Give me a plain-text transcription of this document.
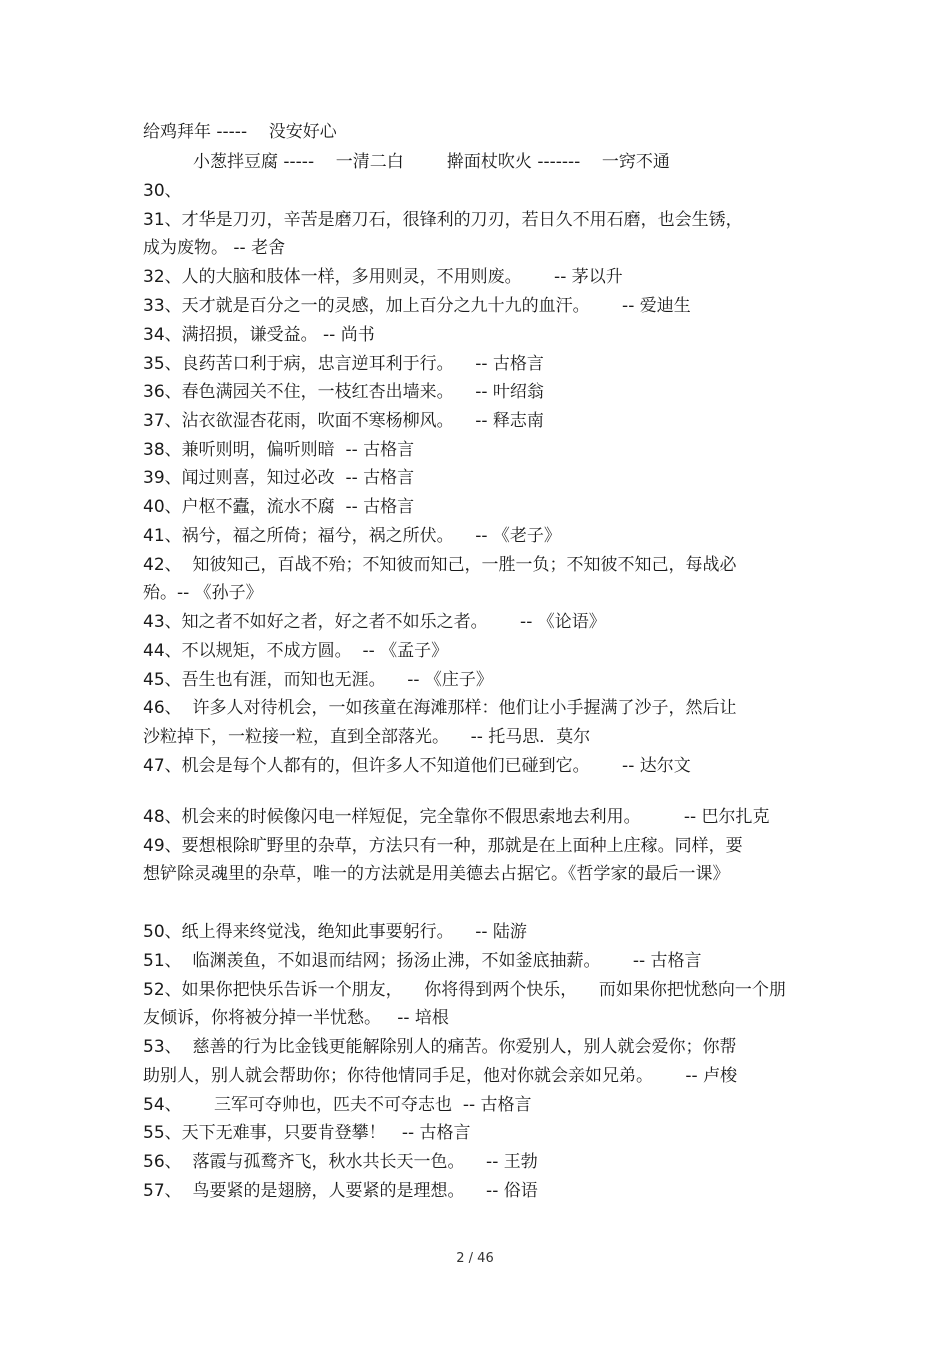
给鸡拜年 -----    没安好心
小葱拌豆腐 -----    一清二白        擀面杖吹火 -------    一窍不通
30、
31、才华是刀刃，辛苦是磨刀石，很锋利的刀刃，若日久不用石磨，也会生锈，
成为废物。 -- 老舍
32、人的大脑和肢体一样，多用则灵，不用则废。      -- 茅以升
33、天才就是百分之一的灵感，加上百分之九十九的血汗。      -- 爱迪生
34、满招损，谦受益。 -- 尚书
35、良药苦口利于病，忠言逆耳利于行。    -- 古格言
36、春色满园关不住，一枝红杏出墙来。    -- 叶绍翁
37、沾衣欲湿杏花雨，吹面不寒杨柳风。    -- 释志南
38、兼听则明，偏听则暗  -- 古格言
39、闻过则喜，知过必改  -- 古格言
40、户枢不蠹，流水不腐  -- 古格言
41、祸兮，福之所倚；福兮，祸之所伏。    -- 《老子》
42、  知彼知己，百战不殆；不知彼而知己，一胜一负；不知彼不知己，每战必
殆。-- 《孙子》
43、知之者不如好之者，好之者不如乐之者。      -- 《论语》
44、不以规矩，不成方圆。  -- 《孟子》
45、吾生也有涯，而知也无涯。    -- 《庄子》
46、  许多人对待机会，一如孩童在海滩那样：他们让小手握满了沙子，然后让
沙粒掉下，一粒接一粒，直到全部落光。    -- 托马思．莫尔
47、机会是每个人都有的，但许多人不知道他们已碰到它。      -- 达尔文
48、机会来的时候像闪电一样短促，完全靠你不假思索地去利用。        -- 巴尔扎克
49、要想根除旷野里的杂草，方法只有一种，那就是在上面种上庄稼。同样，要
想铲除灵魂里的杂草，唯一的方法就是用美德去占据它。《哲学家的最后一课》
50、纸上得来终觉浅，绝知此事要躬行。    -- 陆游
51、  临渊羡鱼，不如退而结网；扬汤止沸，不如釜底抽薪。      -- 古格言
52、如果你把快乐告诉一个朋友，    你将得到两个快乐，    而如果你把忧愁向一个朋
友倾诉，你将被分掉一半忧愁。   -- 培根
53、  慈善的行为比金钱更能解除别人的痛苦。你爱别人，别人就会爱你；你帮
助别人，别人就会帮助你；你待他情同手足，他对你就会亲如兄弟。      -- 卢梭
54、      三军可夺帅也，匹夫不可夺志也  -- 古格言
55、天下无难事，只要肯登攀！   -- 古格言
56、  落霞与孤鹜齐飞，秋水共长天一色。    -- 王勃
57、  鸟要紧的是翅膀，人要紧的是理想。    -- 俗语
2 / 46
